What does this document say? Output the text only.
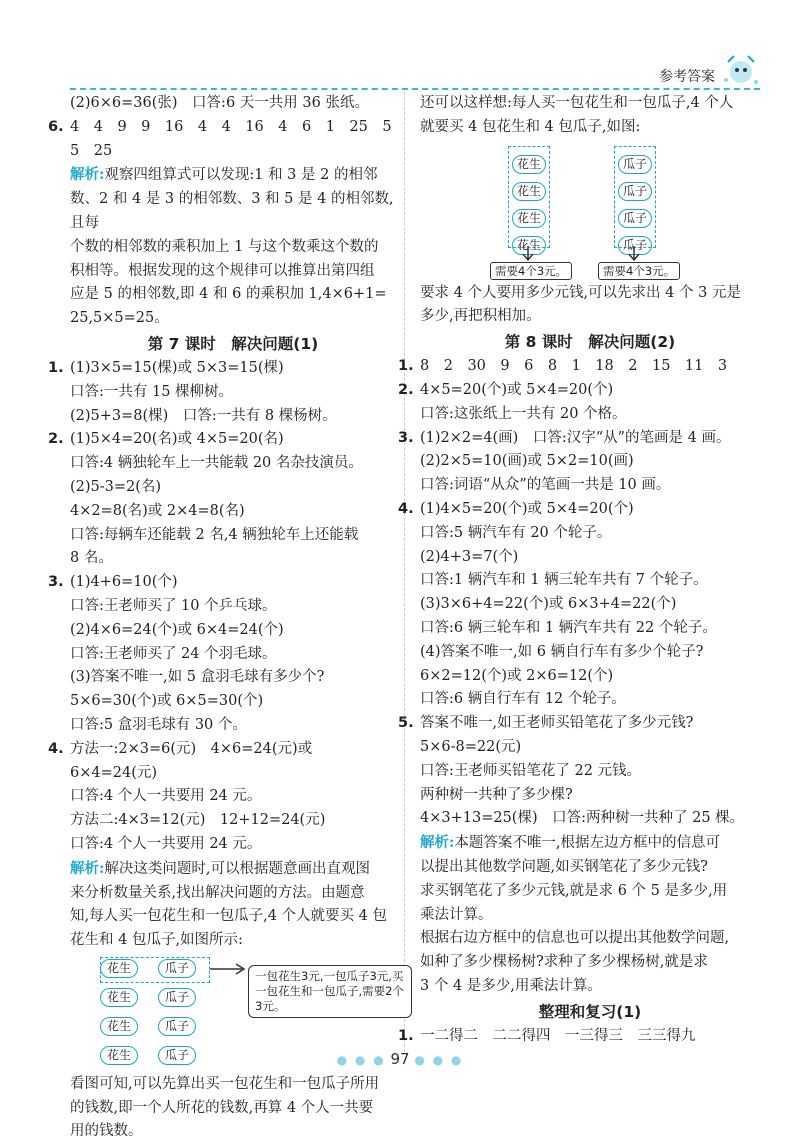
参考答案
(2)6×6=36(张)　口答:6 天一共用 36 张纸。
6. 4　4　9　9　16　4　4　16　4　6　1　25　5　5　25
解析:观察四组算式可以发现:1 和 3 是 2 的相邻
数、2 和 4 是 3 的相邻数、3 和 5 是 4 的相邻数,且每
个数的相邻数的乘积加上 1 与这个数乘这个数的
积相等。根据发现的这个规律可以推算出第四组
应是 5 的相邻数,即 4 和 6 的乘积加 1,4×6+1=
25,5×5=25。
第 7 课时　解决问题(1)
1. (1)3×5=15(棵)或 5×3=15(棵)
口答:一共有 15 棵柳树。
(2)5+3=8(棵)　口答:一共有 8 棵杨树。
2. (1)5×4=20(名)或 4×5=20(名)
口答:4 辆独轮车上一共能载 20 名杂技演员。
(2)5-3=2(名)
4×2=8(名)或 2×4=8(名)
口答:每辆车还能载 2 名,4 辆独轮车上还能载
8 名。
3. (1)4+6=10(个)
口答:王老师买了 10 个乒乓球。
(2)4×6=24(个)或 6×4=24(个)
口答:王老师买了 24 个羽毛球。
(3)答案不唯一,如 5 盒羽毛球有多少个?
5×6=30(个)或 6×5=30(个)
口答:5 盒羽毛球有 30 个。
4. 方法一:2×3=6(元)　4×6=24(元)或 6×4=24(元)
口答:4 个人一共要用 24 元。
方法二:4×3=12(元)　12+12=24(元)
口答:4 个人一共要用 24 元。
解析:解决这类问题时,可以根据题意画出直观图
来分析数量关系,找出解决问题的方法。由题意
知,每人买一包花生和一包瓜子,4 个人就要买 4 包
花生和 4 包瓜子,如图所示:
花生
花生
花生
花生
瓜子
瓜子
瓜子
瓜子
一包花生3元,一包瓜子3元,买一包花生和一包瓜子,需要2个3元。
看图可知,可以先算出买一包花生和一包瓜子所用
的钱数,即一个人所花的钱数,再算 4 个人一共要
用的钱数。
还可以这样想:每人买一包花生和一包瓜子,4 个人
就要买 4 包花生和 4 包瓜子,如图:
花生
花生
花生
花生
瓜子
瓜子
瓜子
瓜子
需要4个3元。	需要4个3元。
要求 4 个人要用多少元钱,可以先求出 4 个 3 元是
多少,再把积相加。
第 8 课时　解决问题(2)
1. 8　2　30　9　6　8　1　18　2　15　11　3
2. 4×5=20(个)或 5×4=20(个)
口答:这张纸上一共有 20 个格。
3. (1)2×2=4(画)　口答:汉字“从”的笔画是 4 画。
(2)2×5=10(画)或 5×2=10(画)
口答:词语“从众”的笔画一共是 10 画。
4. (1)4×5=20(个)或 5×4=20(个)
口答:5 辆汽车有 20 个轮子。
(2)4+3=7(个)
口答:1 辆汽车和 1 辆三轮车共有 7 个轮子。
(3)3×6+4=22(个)或 6×3+4=22(个)
口答:6 辆三轮车和 1 辆汽车共有 22 个轮子。
(4)答案不唯一,如 6 辆自行车有多少个轮子?
6×2=12(个)或 2×6=12(个)
口答:6 辆自行车有 12 个轮子。
5. 答案不唯一,如王老师买铅笔花了多少元钱?
5×6-8=22(元)
口答:王老师买铅笔花了 22 元钱。
两种树一共种了多少棵?
4×3+13=25(棵)　口答:两种树一共种了 25 棵。
解析:本题答案不唯一,根据左边方框中的信息可
以提出其他数学问题,如买钢笔花了多少元钱?
求买钢笔花了多少元钱,就是求 6 个 5 是多少,用
乘法计算。
根据右边方框中的信息也可以提出其他数学问题,
如种了多少棵杨树?求种了多少棵杨树,就是求
3 个 4 是多少,用乘法计算。
整理和复习(1)
1. 一二得二　二二得四　一三得三　三三得九
● ● ● 97 ● ● ●
